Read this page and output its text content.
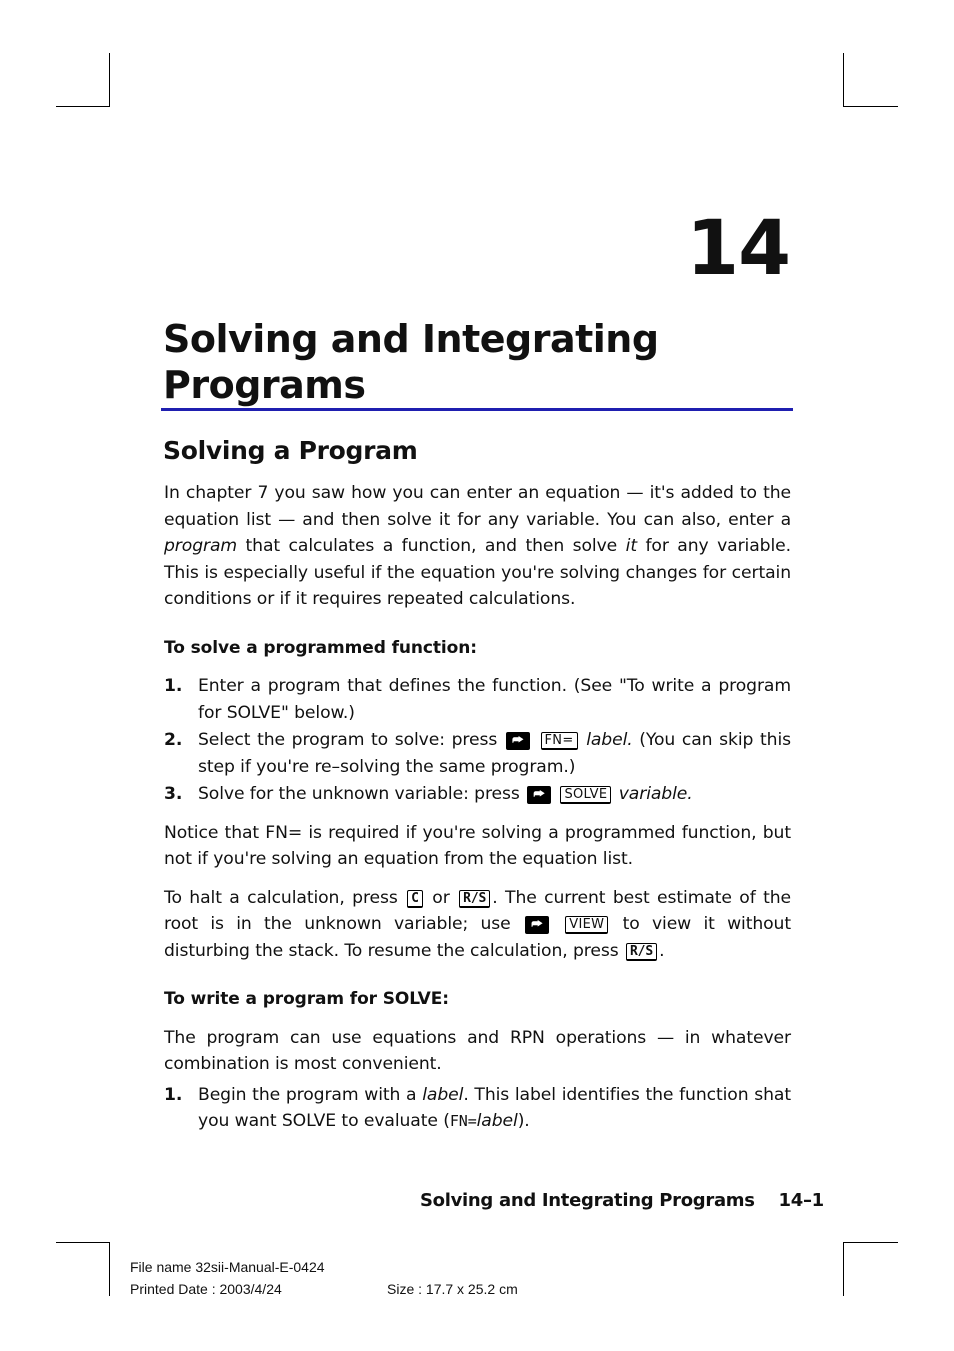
14
Solving and Integrating
Programs
Solving a Program

In chapter 7 you saw how you can enter an equation — it's added to the equation list — and then solve it for any variable. You can also, enter a program that calculates a function, and then solve it for any variable. This is especially useful if the equation you're solving changes for certain conditions or if it requires repeated calculations.

To solve a programmed function:
1. Enter a program that defines the function. (See "To write a program for SOLVE" below.)
2. Select the program to solve: press ⮫ FN= label. (You can skip this step if you're re–solving the same program.)
3. Solve for the unknown variable: press ⮫ SOLVE variable.

Notice that FN= is required if you're solving a programmed function, but not if you're solving an equation from the equation list.

To halt a calculation, press C or R/S . The current best estimate of the root is in the unknown variable; use ⮫ VIEW to view it without disturbing the stack. To resume the calculation, press R/S .

To write a program for SOLVE:

The program can use equations and RPN operations — in whatever combination is most convenient.

1. Begin the program with a label. This label identifies the function shat you want SOLVE to evaluate (FN=label).
Solving and Integrating Programs    14–1
File name 32sii-Manual-E-0424
Printed Date : 2003/4/24	Size : 17.7 x 25.2 cm
